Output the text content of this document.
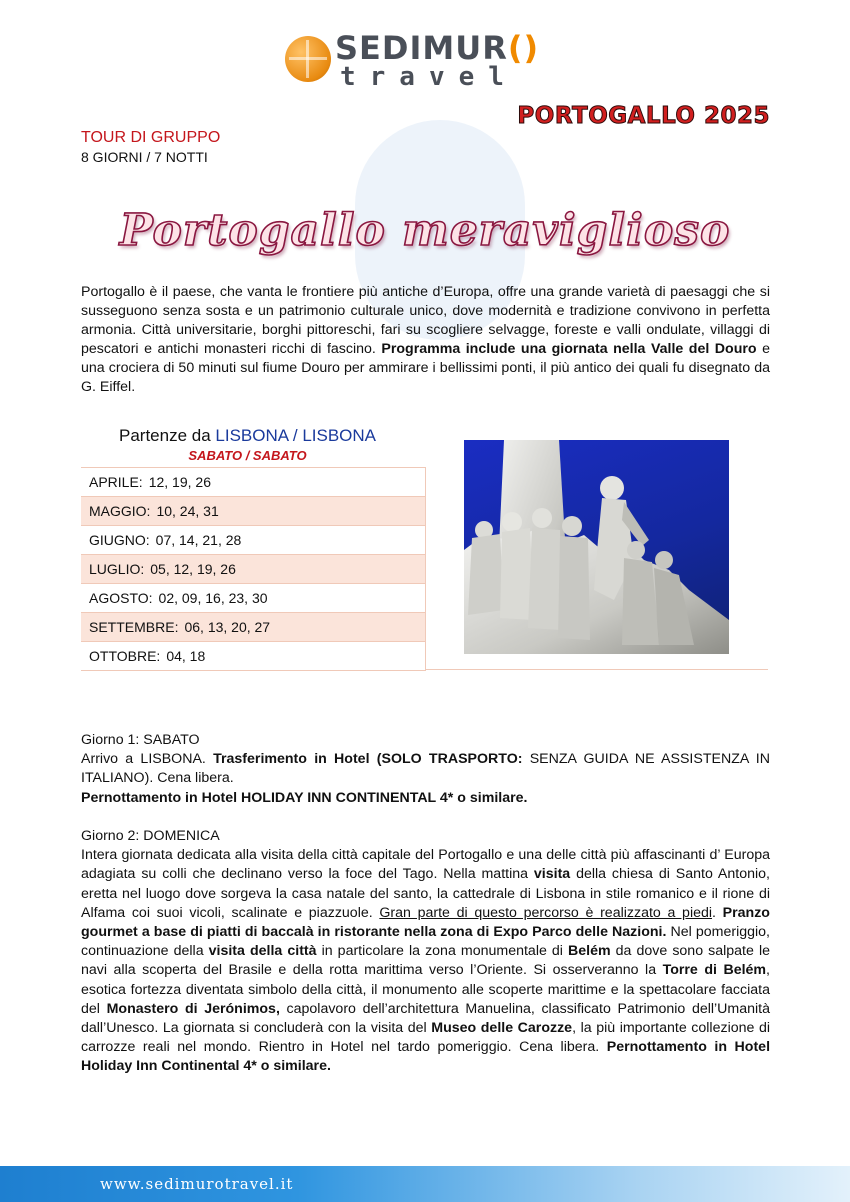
SEDIMUR()
travel
PORTOGALLO 2025
TOUR DI GRUPPO
8 GIORNI / 7 NOTTI
Portogallo meraviglioso
Portogallo è il paese, che vanta le frontiere più antiche d’Europa, offre una grande varietà di paesaggi che si susseguono senza sosta e un patrimonio culturale unico, dove modernità e tradizione convivono in perfetta armonia. Città universitarie, borghi pittoreschi, fari su scogliere selvagge, foreste e valli ondulate, villaggi di pescatori e antichi monasteri ricchi di fascino. Programma include una giornata nella Valle del Douro e una crociera di 50 minuti sul fiume Douro per ammirare i bellissimi ponti, il più antico dei quali fu disegnato da G. Eiffel.
Partenze da LISBONA / LISBONA
SABATO / SABATO
APRILE: 12, 19, 26
MAGGIO: 10, 24, 31
GIUGNO: 07, 14, 21, 28
LUGLIO: 05, 12, 19, 26
AGOSTO: 02, 09, 16, 23, 30
SETTEMBRE: 06, 13, 20, 27
OTTOBRE: 04, 18
Giorno 1: SABATO
Arrivo a LISBONA. Trasferimento in Hotel (SOLO TRASPORTO: SENZA GUIDA NE ASSISTENZA IN ITALIANO). Cena libera.
Pernottamento in Hotel HOLIDAY INN CONTINENTAL 4* o similare.
Giorno 2: DOMENICA
Intera giornata dedicata alla visita della città capitale del Portogallo e una delle città più affascinanti d’ Europa adagiata su colli che declinano verso la foce del Tago. Nella mattina visita della chiesa di Santo Antonio, eretta nel luogo dove sorgeva la casa natale del santo, la cattedrale di Lisbona in stile romanico e il rione di Alfama coi suoi vicoli, scalinate e piazzuole. Gran parte di questo percorso è realizzato a piedi. Pranzo gourmet a base di piatti di baccalà in ristorante nella zona di Expo Parco delle Nazioni. Nel pomeriggio, continuazione della visita della città in particolare la zona monumentale di Belém da dove sono salpate le navi alla scoperta del Brasile e della rotta marittima verso l’Oriente. Si osserveranno la Torre di Belém, esotica fortezza diventata simbolo della città, il monumento alle scoperte marittime e la spettacolare facciata del Monastero di Jerónimos, capolavoro dell’architettura Manuelina, classificato Patrimonio dell’Umanità dall’Unesco. La giornata si concluderà con la visita del Museo delle Carozze, la più importante collezione di carrozze reali nel mondo. Rientro in Hotel nel tardo pomeriggio. Cena libera. Pernottamento in Hotel Holiday Inn Continental 4* o similare.
www.sedimurotravel.it
